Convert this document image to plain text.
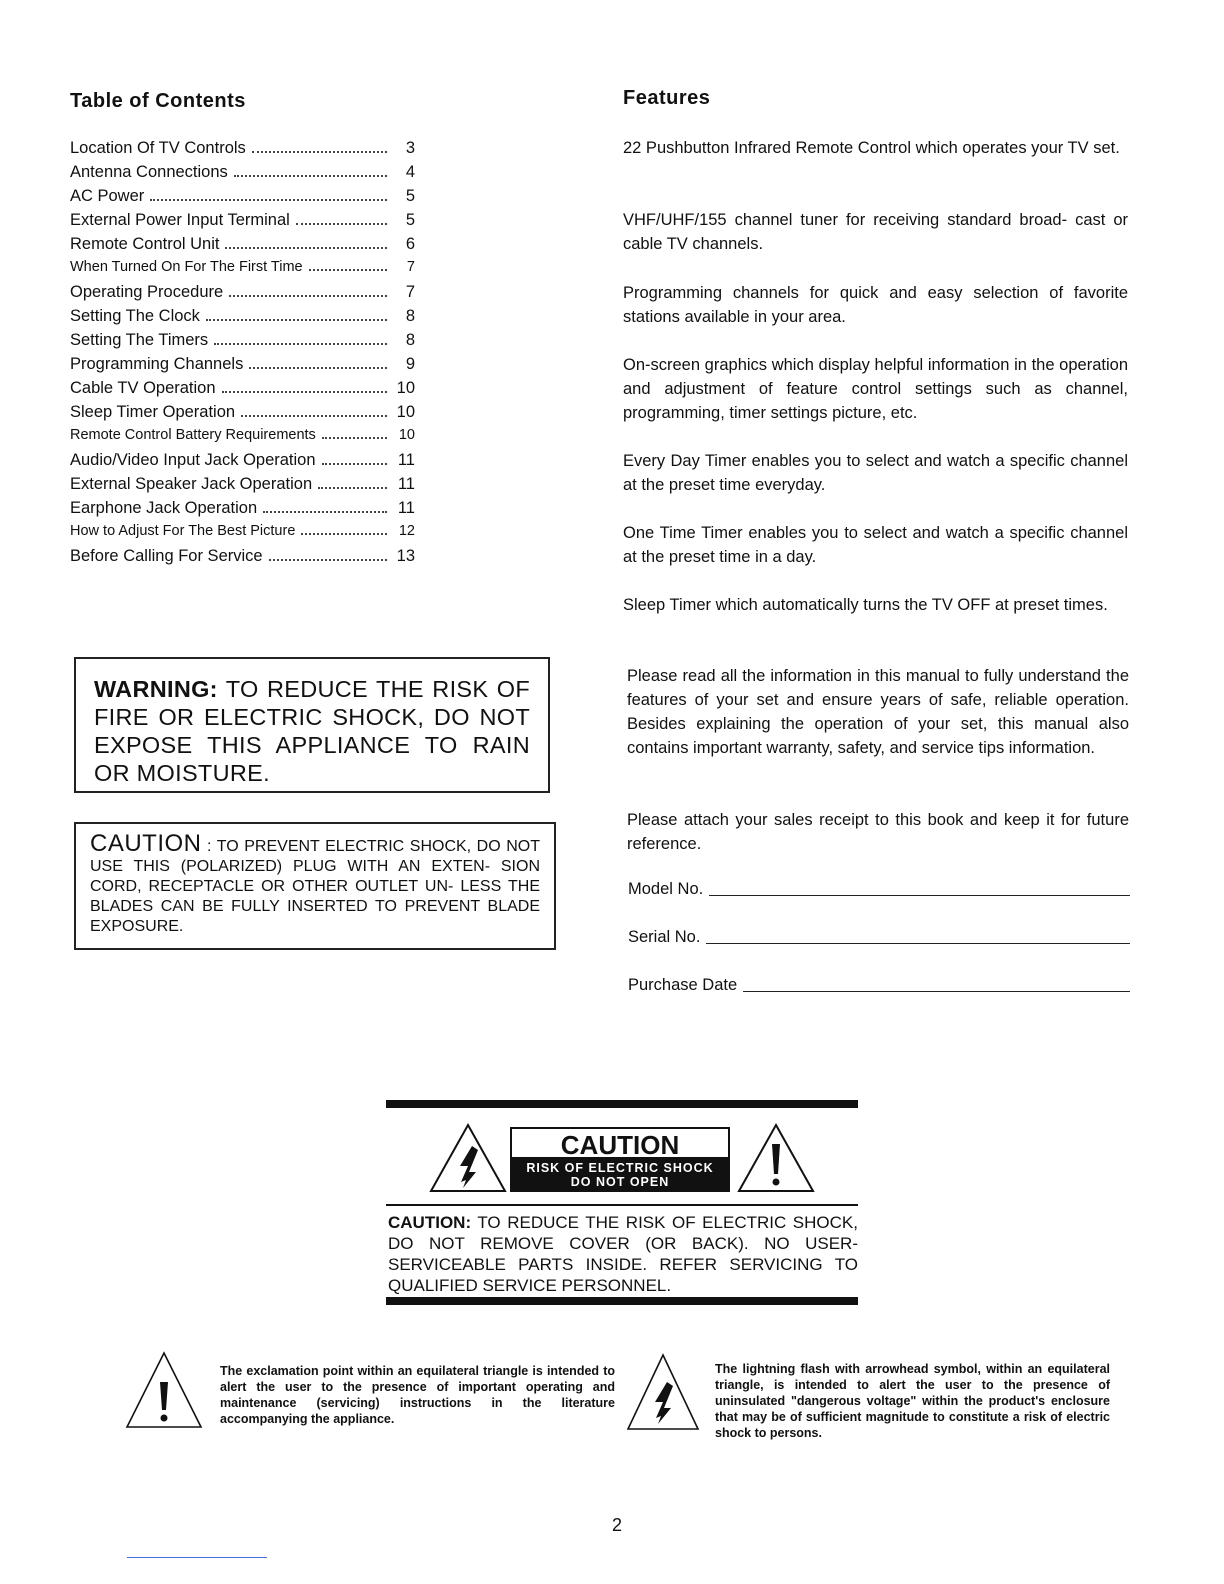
Table of Contents
Location Of TV Controls	3
Antenna Connections	4
AC Power	5
External Power Input Terminal	5
Remote Control Unit	6
When Turned On For The First Time	7
Operating Procedure	7
Setting The Clock	8
Setting The Timers	8
Programming Channels	9
Cable TV Operation	10
Sleep Timer Operation	10
Remote Control Battery Requirements	10
Audio/Video Input Jack Operation	11
External Speaker Jack Operation	11
Earphone Jack Operation	11
How to Adjust For The Best Picture	12
Before Calling For Service	13
WARNING: TO REDUCE THE RISK OF FIRE OR ELECTRIC SHOCK, DO NOT EXPOSE THIS APPLIANCE TO RAIN OR MOISTURE.
CAUTION : TO PREVENT ELECTRIC SHOCK, DO NOT USE THIS (POLARIZED) PLUG WITH AN EXTEN- SION CORD, RECEPTACLE OR OTHER OUTLET UN- LESS THE BLADES CAN BE FULLY INSERTED TO PREVENT BLADE EXPOSURE.
Features

22 Pushbutton Infrared Remote Control which operates your TV set.

VHF/UHF/155 channel tuner for receiving standard broad- cast or cable TV channels.

Programming channels for quick and easy selection of favorite stations available in your area.

On-screen graphics which display helpful information in the operation and adjustment of feature control settings such as channel, programming, timer settings picture, etc.

Every Day Timer enables you to select and watch a specific channel at the preset time everyday.

One Time Timer enables you to select and watch a specific channel at the preset time in a day.

Sleep Timer which automatically turns the TV OFF at preset times.

Please read all the information in this manual to fully understand the features of your set and ensure years of safe, reliable operation. Besides explaining the operation of your set, this manual also contains important warranty, safety, and service tips information.

Please attach your sales receipt to this book and keep it for future reference.

Model No.
Serial No.
Purchase Date
CAUTION
RISK OF ELECTRIC SHOCK
DO NOT OPEN
CAUTION: TO REDUCE THE RISK OF ELECTRIC SHOCK, DO NOT REMOVE COVER (OR BACK). NO USER- SERVICEABLE PARTS INSIDE. REFER SERVICING TO QUALIFIED SERVICE PERSONNEL.
The exclamation point within an equilateral triangle is intended to alert the user to the presence of important operating and maintenance (servicing) instructions in the literature accompanying the appliance.
The lightning flash with arrowhead symbol, within an equilateral triangle, is intended to alert the user to the presence of uninsulated "dangerous voltage" within the product's enclosure that may be of sufficient magnitude to constitute a risk of electric shock to persons.
2
